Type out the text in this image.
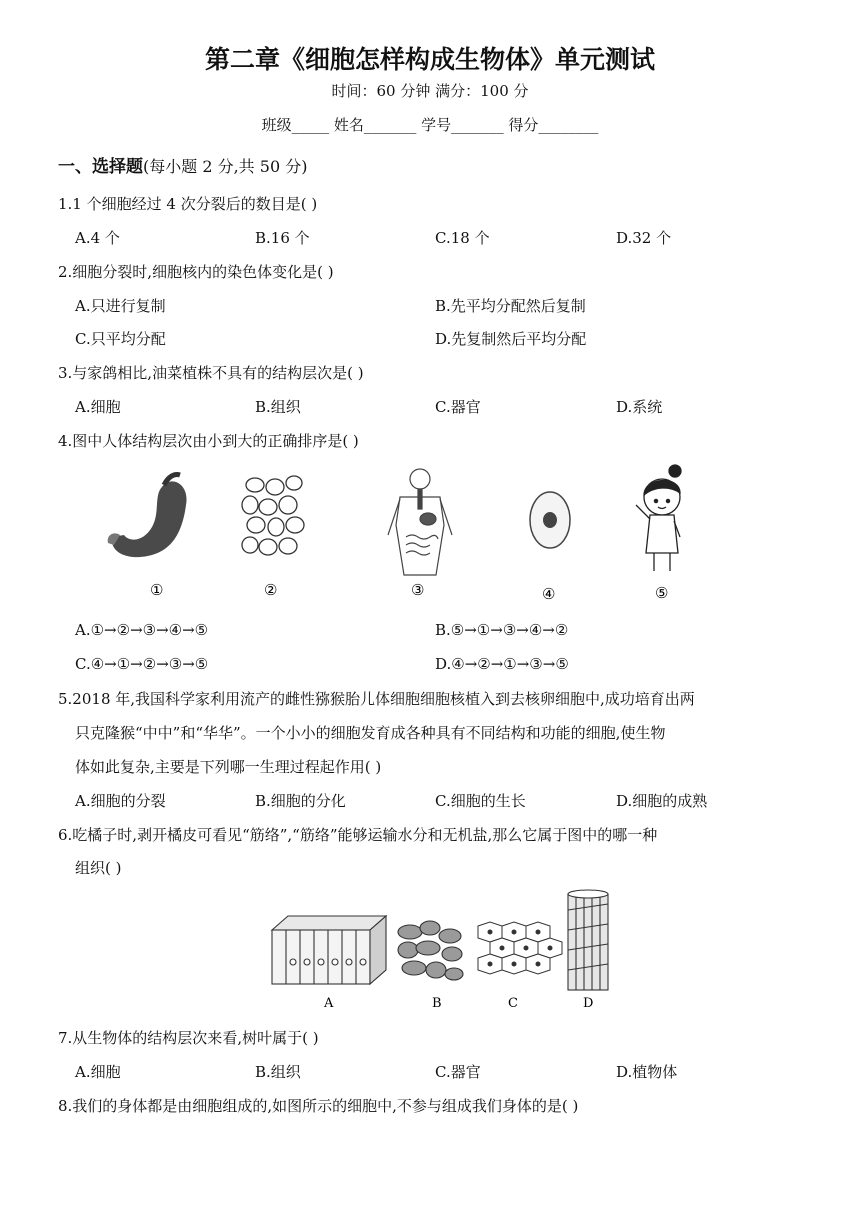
第二章《细胞怎样构成生物体》单元测试
时间：60 分钟 满分：100 分
班级_____ 姓名_______ 学号_______ 得分________
一、选择题(每小题 2 分,共 50 分)
1.1 个细胞经过 4 次分裂后的数目是( )
A.4 个	B.16 个	C.18 个	D.32 个
2.细胞分裂时,细胞核内的染色体变化是( )
A.只进行复制	B.先平均分配然后复制
C.只平均分配	D.先复制然后平均分配
3.与家鸽相比,油菜植株不具有的结构层次是( )
A.细胞	B.组织	C.器官	D.系统
4.图中人体结构层次由小到大的正确排序是( )
①	②	③	④	⑤
A.①→②→③→④→⑤	B.⑤→①→③→④→②
C.④→①→②→③→⑤	D.④→②→①→③→⑤
5.2018 年,我国科学家利用流产的雌性猕猴胎儿体细胞细胞核植入到去核卵细胞中,成功培育出两
只克隆猴“中中”和“华华”。一个小小的细胞发育成各种具有不同结构和功能的细胞,使生物
体如此复杂,主要是下列哪一生理过程起作用( )
A.细胞的分裂	B.细胞的分化	C.细胞的生长	D.细胞的成熟
6.吃橘子时,剥开橘皮可看见“筋络”,“筋络”能够运输水分和无机盐,那么它属于图中的哪一种
组织( )
A	B	C	D
7.从生物体的结构层次来看,树叶属于( )
A.细胞	B.组织	C.器官	D.植物体
8.我们的身体都是由细胞组成的,如图所示的细胞中,不参与组成我们身体的是( )
